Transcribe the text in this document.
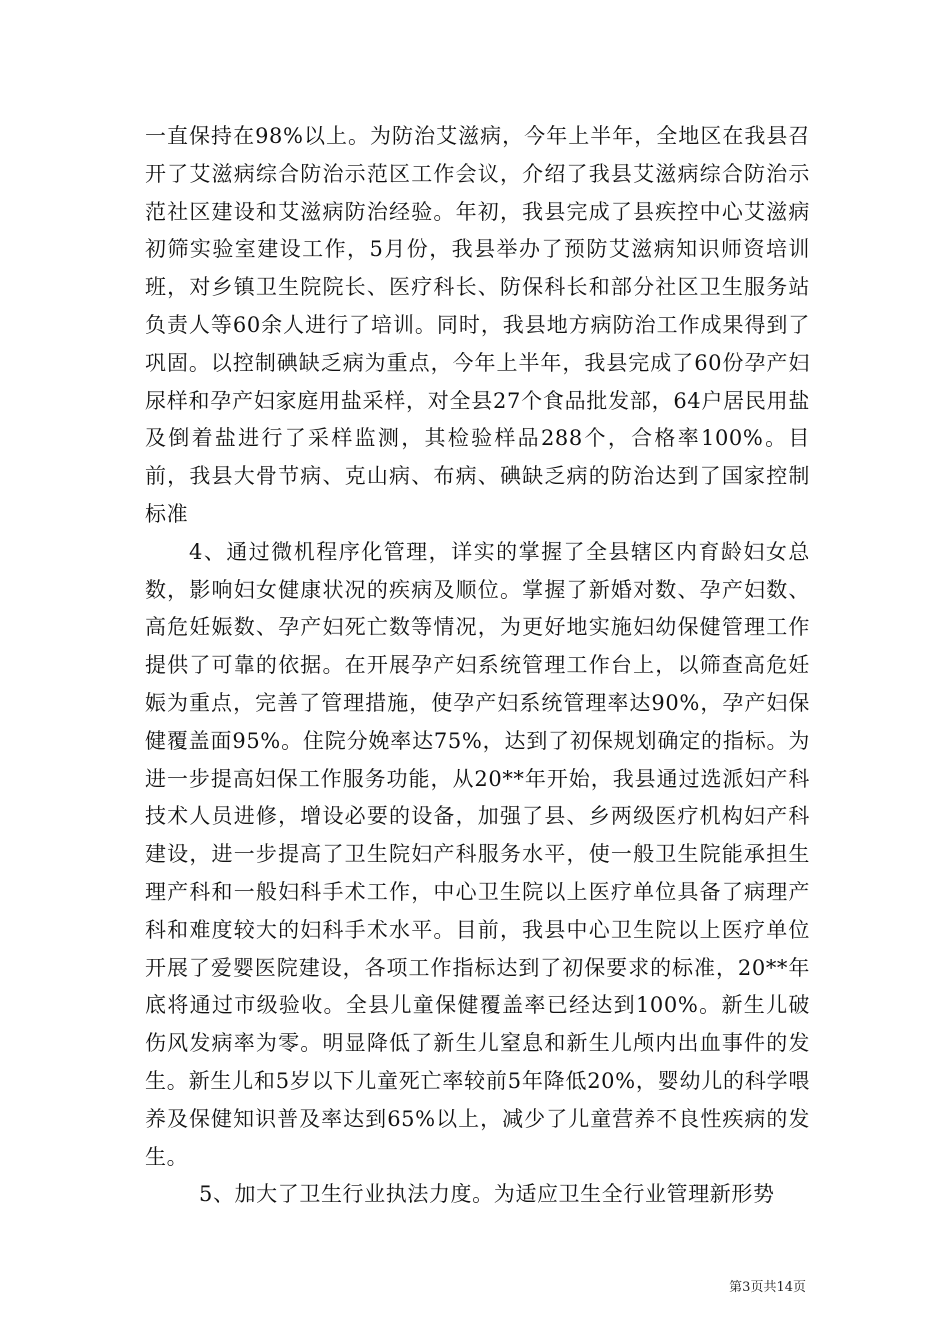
一直保持在98%以上。为防治艾滋病，今年上半年，全地区在我县召开了艾滋病综合防治示范区工作会议，介绍了我县艾滋病综合防治示范社区建设和艾滋病防治经验。年初，我县完成了县疾控中心艾滋病初筛实验室建设工作，5月份，我县举办了预防艾滋病知识师资培训班，对乡镇卫生院院长、医疗科长、防保科长和部分社区卫生服务站负责人等60余人进行了培训。同时，我县地方病防治工作成果得到了巩固。以控制碘缺乏病为重点，今年上半年，我县完成了60份孕产妇尿样和孕产妇家庭用盐采样，对全县27个食品批发部，64户居民用盐及倒着盐进行了采样监测，其检验样品288个，合格率100%。目前，我县大骨节病、克山病、布病、碘缺乏病的防治达到了国家控制标准

4、通过微机程序化管理，详实的掌握了全县辖区内育龄妇女总数，影响妇女健康状况的疾病及顺位。掌握了新婚对数、孕产妇数、高危妊娠数、孕产妇死亡数等情况，为更好地实施妇幼保健管理工作提供了可靠的依据。在开展孕产妇系统管理工作台上，以筛查高危妊娠为重点，完善了管理措施，使孕产妇系统管理率达90%，孕产妇保健覆盖面95%。住院分娩率达75%，达到了初保规划确定的指标。为进一步提高妇保工作服务功能，从20**年开始，我县通过选派妇产科技术人员进修，增设必要的设备，加强了县、乡两级医疗机构妇产科建设，进一步提高了卫生院妇产科服务水平，使一般卫生院能承担生理产科和一般妇科手术工作，中心卫生院以上医疗单位具备了病理产科和难度较大的妇科手术水平。目前，我县中心卫生院以上医疗单位开展了爱婴医院建设，各项工作指标达到了初保要求的标准，20**年底将通过市级验收。全县儿童保健覆盖率已经达到100%。新生儿破伤风发病率为零。明显降低了新生儿窒息和新生儿颅内出血事件的发生。新生儿和5岁以下儿童死亡率较前5年降低20%，婴幼儿的科学喂养及保健知识普及率达到65%以上，减少了儿童营养不良性疾病的发生。

5、加大了卫生行业执法力度。为适应卫生全行业管理新形势

第3页共14页
